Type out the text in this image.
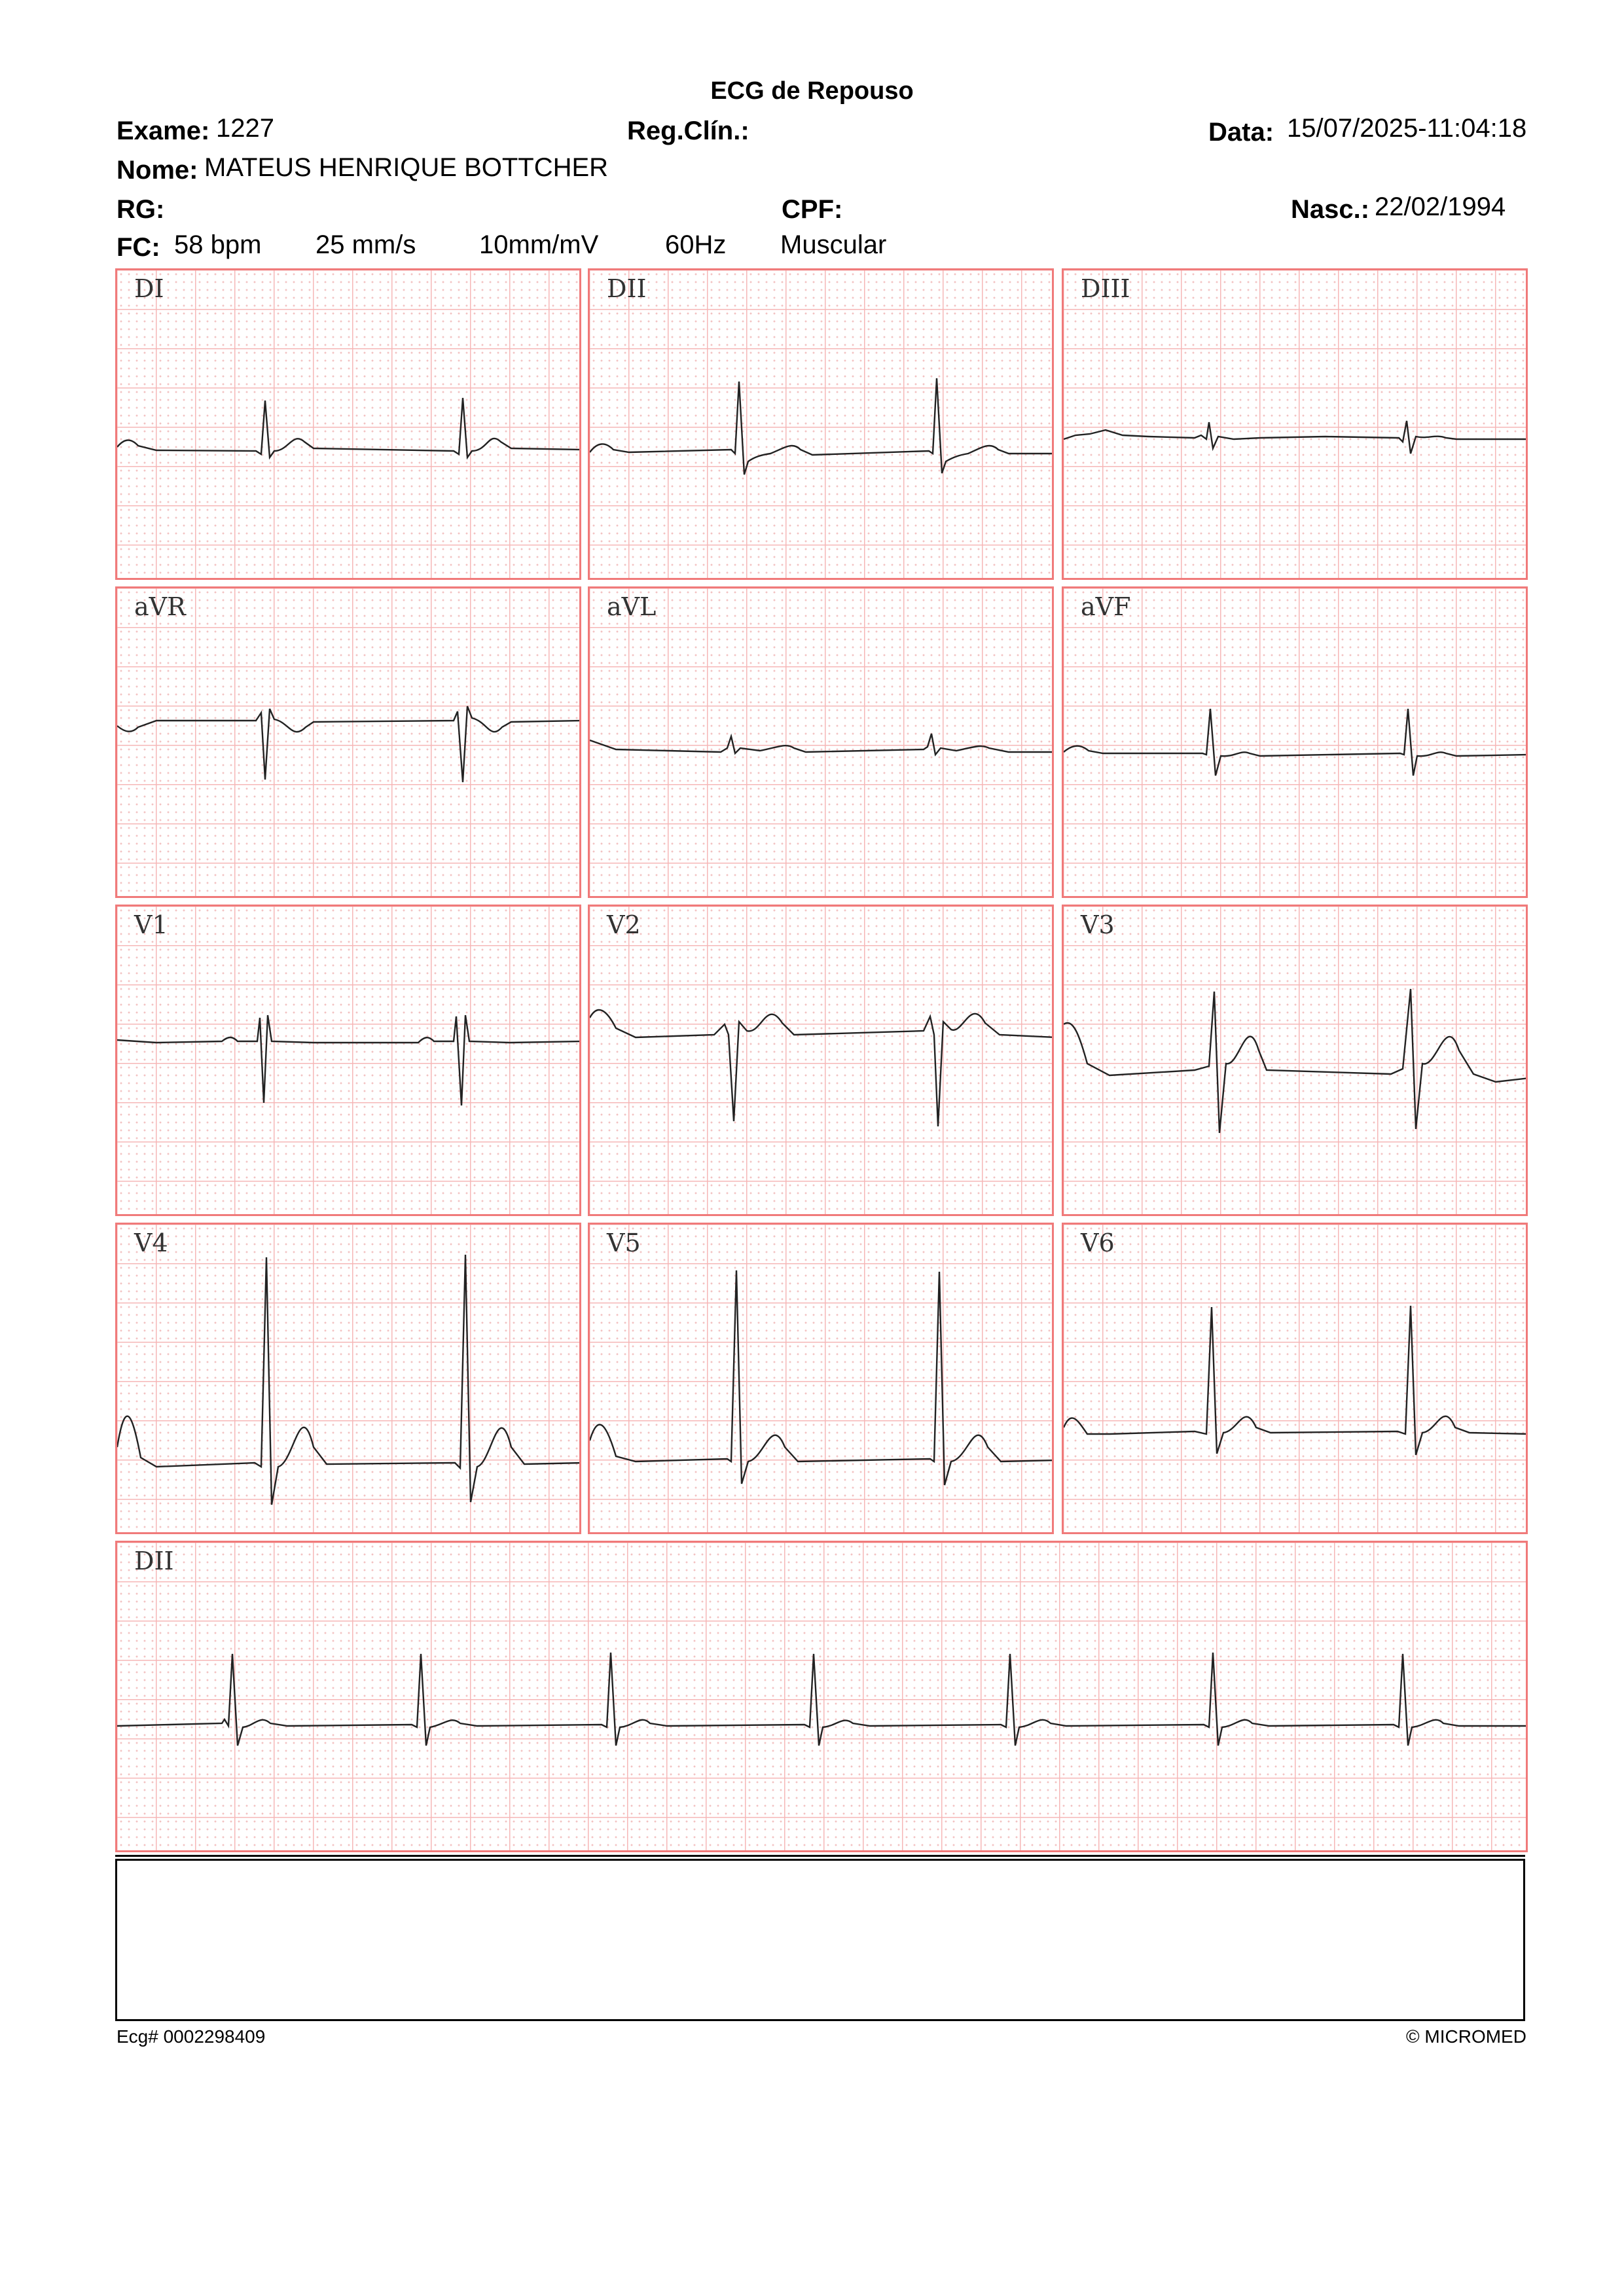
ECG de Repouso
Exame: 1227	Reg.Clín.:	Data: 15/07/2025-11:04:18
Nome: MATEUS HENRIQUE BOTTCHER
RG:	CPF:	Nasc.: 22/02/1994
FC: 58 bpm 25 mm/s 10mm/mV	60Hz Muscular
DI	DII	DIII
aVR	aVL	aVF
V1	V2	V3
V4	V5	V6
DII
Ecg# 0002298409	© MICROMED
